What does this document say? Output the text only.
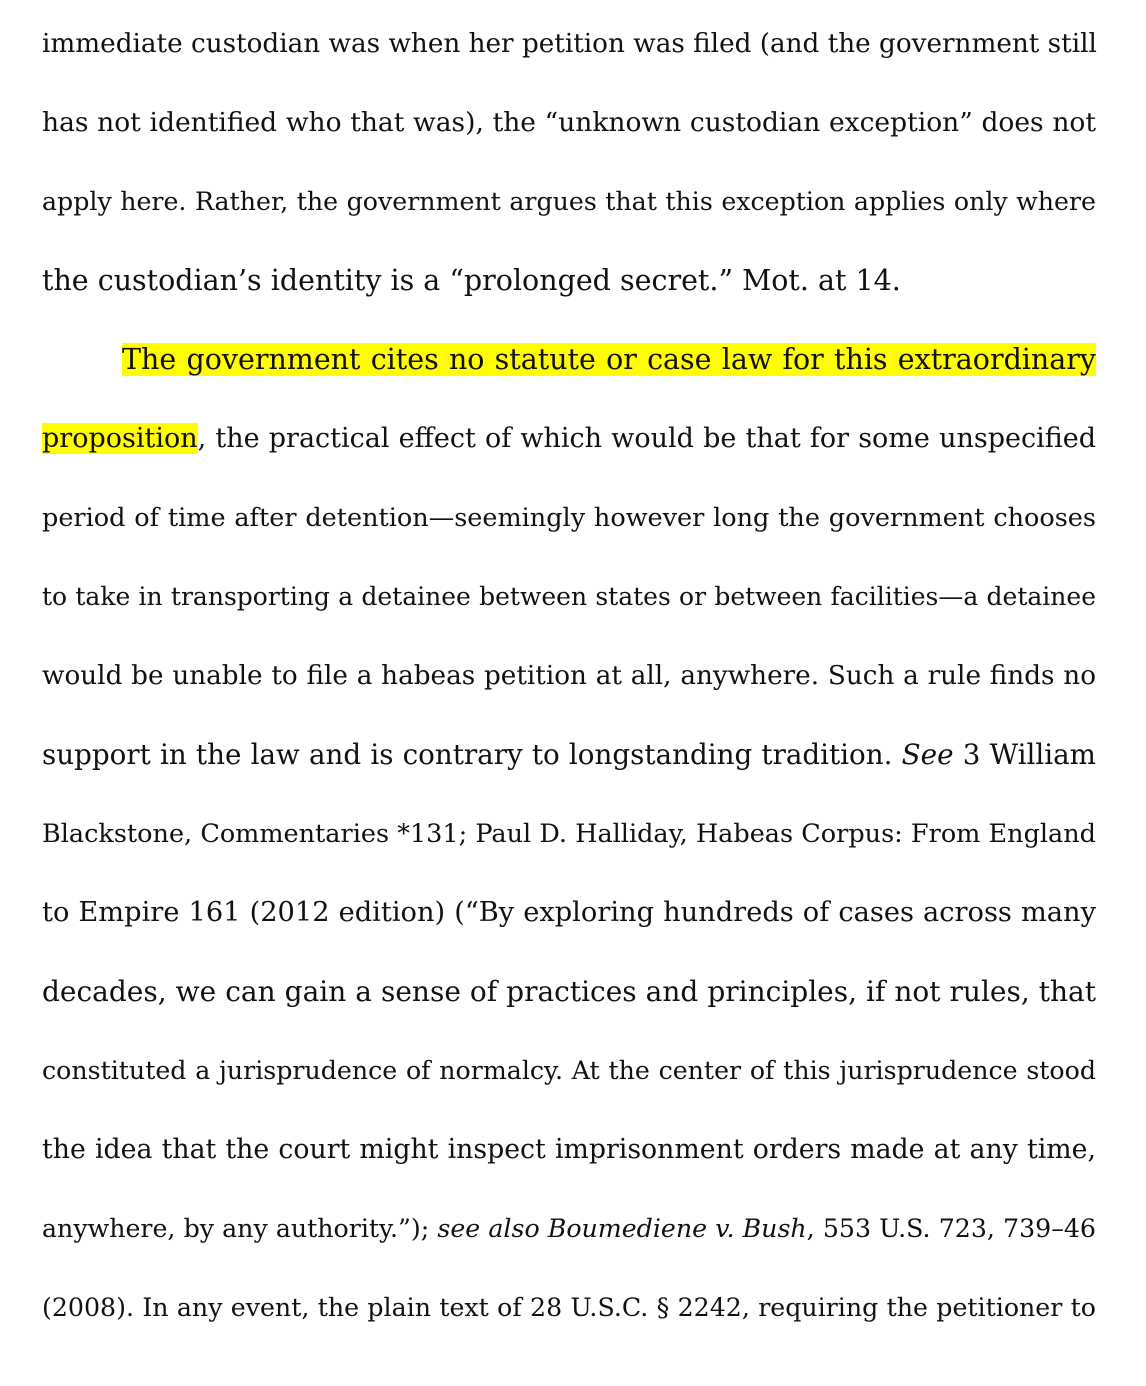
immediate custodian was when her petition was filed (and the government still
has not identified who that was), the “unknown custodian exception” does not
apply here. Rather, the government argues that this exception applies only where
the custodian’s identity is a “prolonged secret.” Mot. at 14.
The government cites no statute or case law for this extraordinary
proposition, the practical effect of which would be that for some unspecified
period of time after detention—seemingly however long the government chooses
to take in transporting a detainee between states or between facilities—a detainee
would be unable to file a habeas petition at all, anywhere. Such a rule finds no
support in the law and is contrary to longstanding tradition. See 3 William
Blackstone, Commentaries *131; Paul D. Halliday, Habeas Corpus: From England
to Empire 161 (2012 edition) (“By exploring hundreds of cases across many
decades, we can gain a sense of practices and principles, if not rules, that
constituted a jurisprudence of normalcy. At the center of this jurisprudence stood
the idea that the court might inspect imprisonment orders made at any time,
anywhere, by any authority.”); see also Boumediene v. Bush, 553 U.S. 723, 739–46
(2008). In any event, the plain text of 28 U.S.C. § 2242, requiring the petitioner to
